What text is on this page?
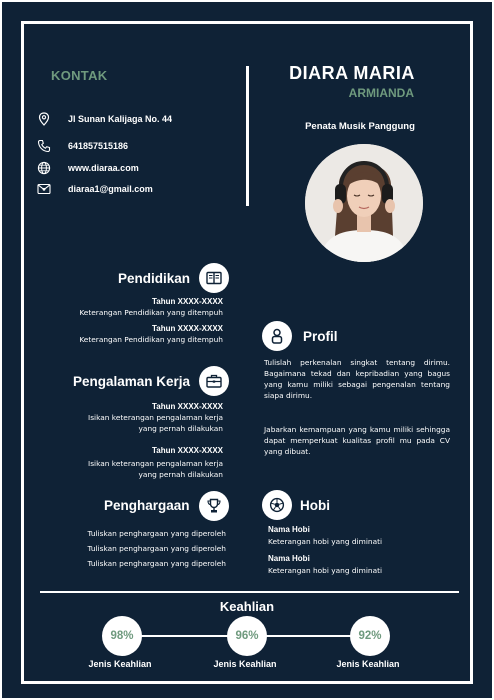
KONTAK
Jl Sunan Kalijaga No. 44
641857515186
www.diaraa.com
diaraa1@gmail.com
DIARA MARIA
ARMIANDA
Penata Musik Panggung
Pendidikan
Tahun XXXX-XXXX
Keterangan Pendidikan yang ditempuh
Tahun XXXX-XXXX
Keterangan Pendidikan yang ditempuh
Pengalaman Kerja
Tahun XXXX-XXXX
Isikan keterangan pengalaman kerja
yang pernah dilakukan
Tahun XXXX-XXXX
Isikan keterangan pengalaman kerja
yang pernah dilakukan
Penghargaan
Tuliskan penghargaan yang diperoleh
Tuliskan penghargaan yang diperoleh
Tuliskan penghargaan yang diperoleh
Profil
Tulislah perkenalan singkat tentang dirimu. Bagaimana tekad dan kepribadian yang bagus yang kamu miliki sebagai pengenalan tentang siapa dirimu.
Jabarkan kemampuan yang kamu miliki sehingga dapat memperkuat kualitas profil mu pada CV yang dibuat.
Hobi
Nama Hobi
Keterangan hobi yang diminati
Nama Hobi
Keterangan hobi yang diminati
Keahlian
98%	96%	92%
Jenis Keahlian	Jenis Keahlian	Jenis Keahlian
